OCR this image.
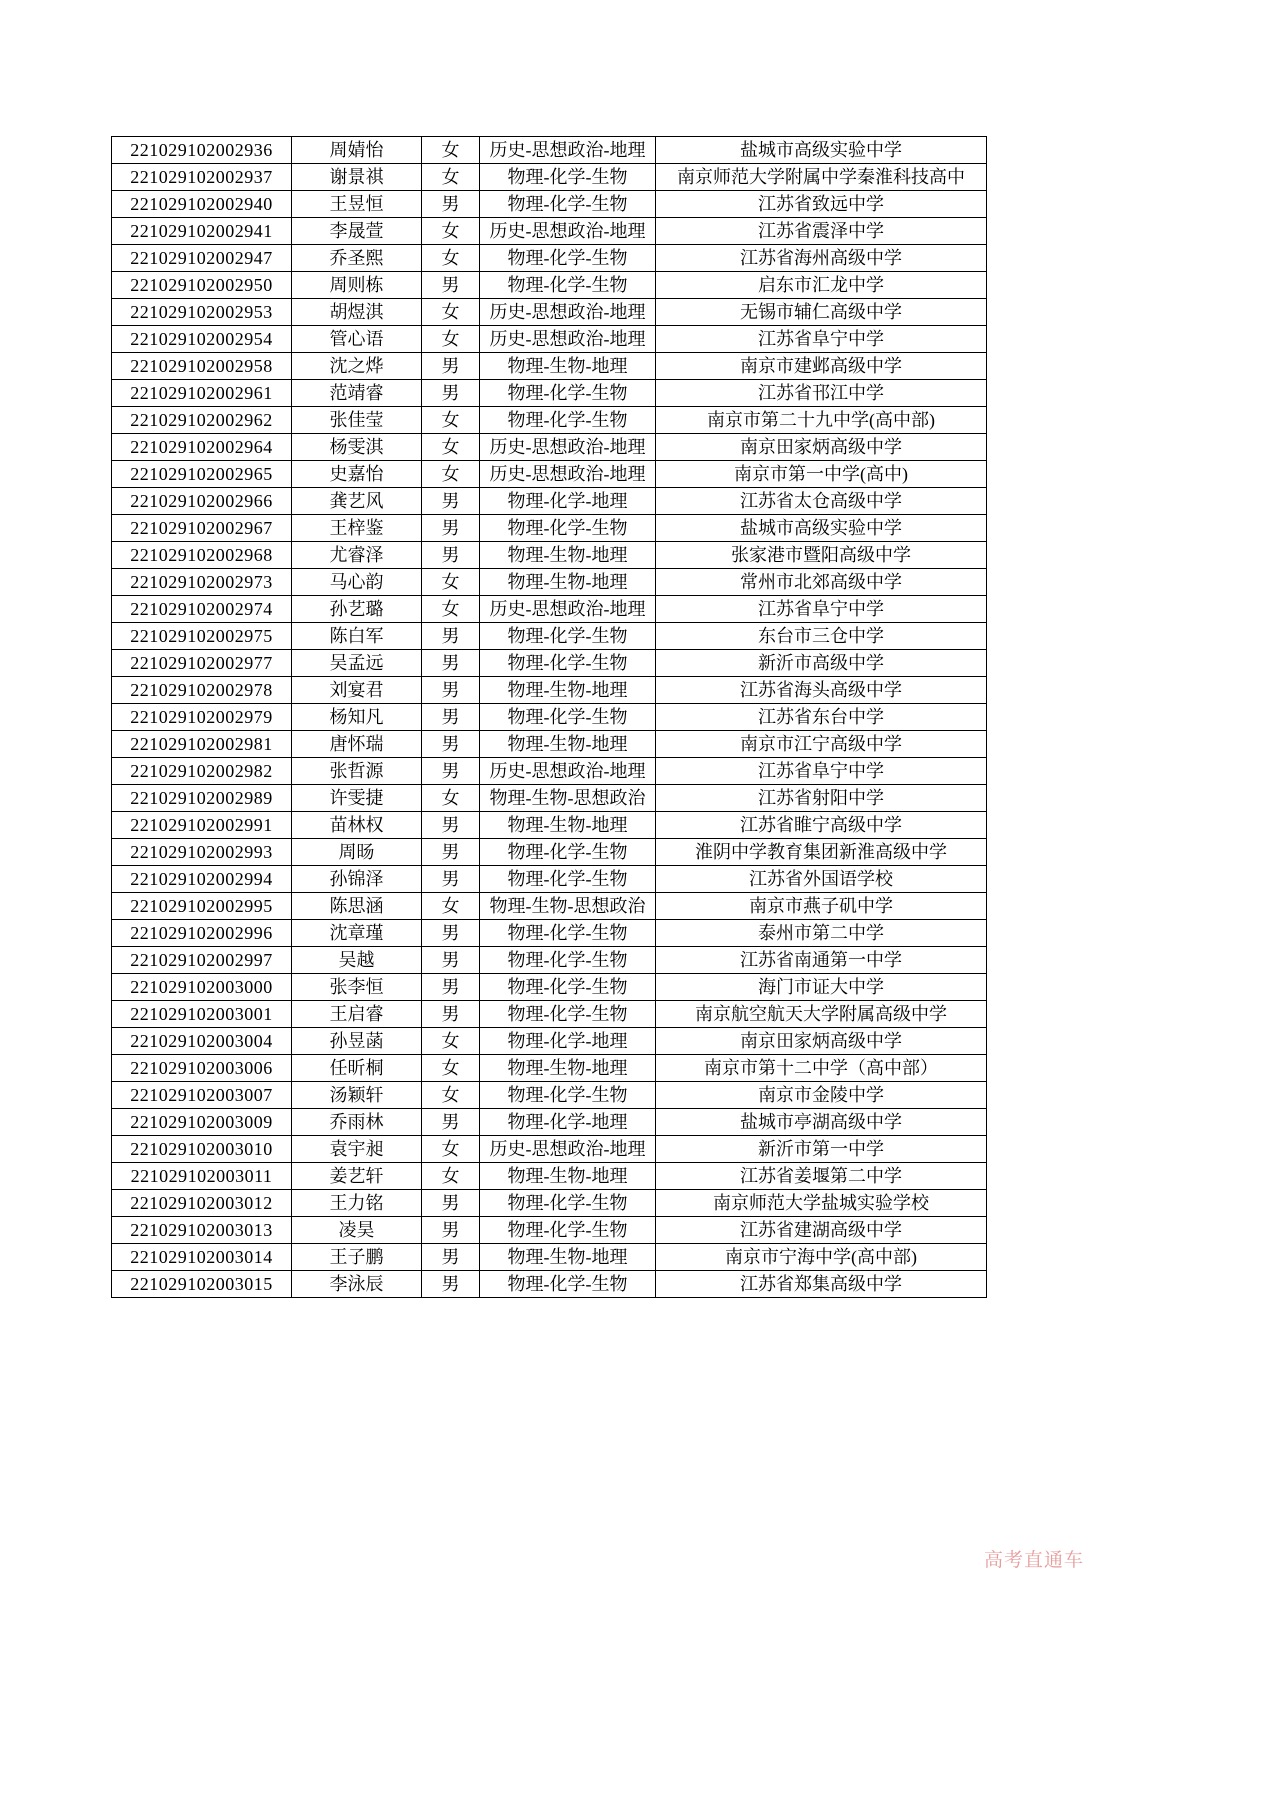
221029102002936	周婧怡	女	历史-思想政治-地理	盐城市高级实验中学
221029102002937	谢景祺	女	物理-化学-生物	南京师范大学附属中学秦淮科技高中
221029102002940	王昱恒	男	物理-化学-生物	江苏省致远中学
221029102002941	李晟萱	女	历史-思想政治-地理	江苏省震泽中学
221029102002947	乔圣熙	女	物理-化学-生物	江苏省海州高级中学
221029102002950	周则栋	男	物理-化学-生物	启东市汇龙中学
221029102002953	胡煜淇	女	历史-思想政治-地理	无锡市辅仁高级中学
221029102002954	管心语	女	历史-思想政治-地理	江苏省阜宁中学
221029102002958	沈之烨	男	物理-生物-地理	南京市建邺高级中学
221029102002961	范靖睿	男	物理-化学-生物	江苏省邗江中学
221029102002962	张佳莹	女	物理-化学-生物	南京市第二十九中学(高中部)
221029102002964	杨雯淇	女	历史-思想政治-地理	南京田家炳高级中学
221029102002965	史嘉怡	女	历史-思想政治-地理	南京市第一中学(高中)
221029102002966	龚艺风	男	物理-化学-地理	江苏省太仓高级中学
221029102002967	王梓鉴	男	物理-化学-生物	盐城市高级实验中学
221029102002968	尤睿泽	男	物理-生物-地理	张家港市暨阳高级中学
221029102002973	马心韵	女	物理-生物-地理	常州市北郊高级中学
221029102002974	孙艺璐	女	历史-思想政治-地理	江苏省阜宁中学
221029102002975	陈白军	男	物理-化学-生物	东台市三仓中学
221029102002977	吴孟远	男	物理-化学-生物	新沂市高级中学
221029102002978	刘宴君	男	物理-生物-地理	江苏省海头高级中学
221029102002979	杨知凡	男	物理-化学-生物	江苏省东台中学
221029102002981	唐怀瑞	男	物理-生物-地理	南京市江宁高级中学
221029102002982	张哲源	男	历史-思想政治-地理	江苏省阜宁中学
221029102002989	许雯捷	女	物理-生物-思想政治	江苏省射阳中学
221029102002991	苗林权	男	物理-生物-地理	江苏省睢宁高级中学
221029102002993	周旸	男	物理-化学-生物	淮阴中学教育集团新淮高级中学
221029102002994	孙锦泽	男	物理-化学-生物	江苏省外国语学校
221029102002995	陈思涵	女	物理-生物-思想政治	南京市燕子矶中学
221029102002996	沈章瑾	男	物理-化学-生物	泰州市第二中学
221029102002997	吴越	男	物理-化学-生物	江苏省南通第一中学
221029102003000	张李恒	男	物理-化学-生物	海门市证大中学
221029102003001	王启睿	男	物理-化学-生物	南京航空航天大学附属高级中学
221029102003004	孙昱菡	女	物理-化学-地理	南京田家炳高级中学
221029102003006	任昕桐	女	物理-生物-地理	南京市第十二中学（高中部）
221029102003007	汤颖轩	女	物理-化学-生物	南京市金陵中学
221029102003009	乔雨林	男	物理-化学-地理	盐城市亭湖高级中学
221029102003010	袁宇昶	女	历史-思想政治-地理	新沂市第一中学
221029102003011	姜艺轩	女	物理-生物-地理	江苏省姜堰第二中学
221029102003012	王力铭	男	物理-化学-生物	南京师范大学盐城实验学校
221029102003013	凌昊	男	物理-化学-生物	江苏省建湖高级中学
221029102003014	王子鹏	男	物理-生物-地理	南京市宁海中学(高中部)
221029102003015	李泳辰	男	物理-化学-生物	江苏省郑集高级中学
高考直通车
